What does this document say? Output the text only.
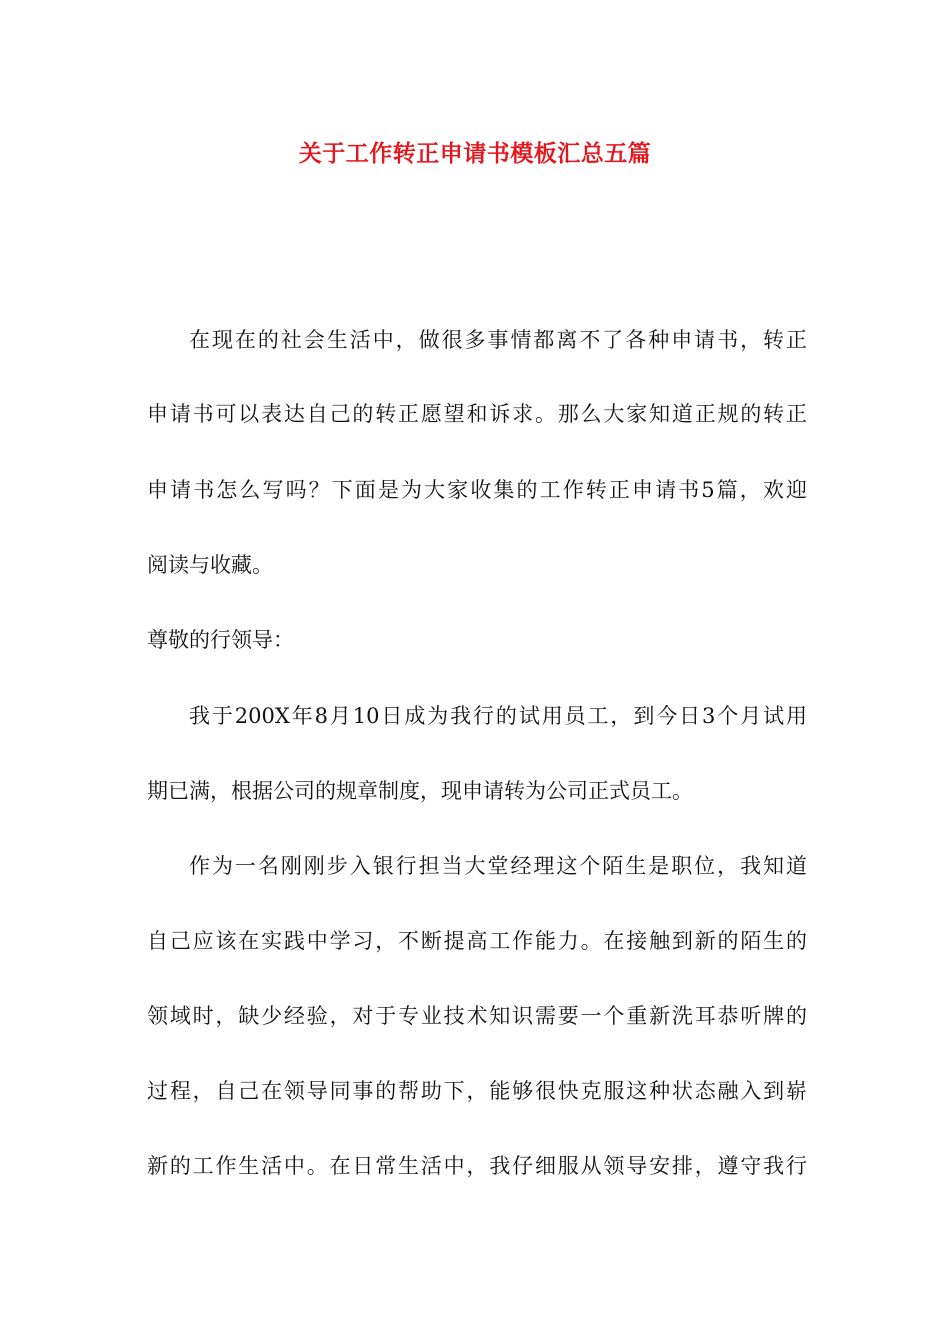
关于工作转正申请书模板汇总五篇
在现在的社会生活中，做很多事情都离不了各种申请书，转正
申请书可以表达自己的转正愿望和诉求。那么大家知道正规的转正
申请书怎么写吗？下面是为大家收集的工作转正申请书5篇，欢迎
阅读与收藏。
尊敬的行领导：
我于200X年8月10日成为我行的试用员工，到今日3个月试用
期已满，根据公司的规章制度，现申请转为公司正式员工。
作为一名刚刚步入银行担当大堂经理这个陌生是职位，我知道
自己应该在实践中学习，不断提高工作能力。在接触到新的陌生的
领域时，缺少经验，对于专业技术知识需要一个重新洗耳恭听牌的
过程，自己在领导同事的帮助下，能够很快克服这种状态融入到崭
新的工作生活中。在日常生活中，我仔细服从领导安排，遵守我行
